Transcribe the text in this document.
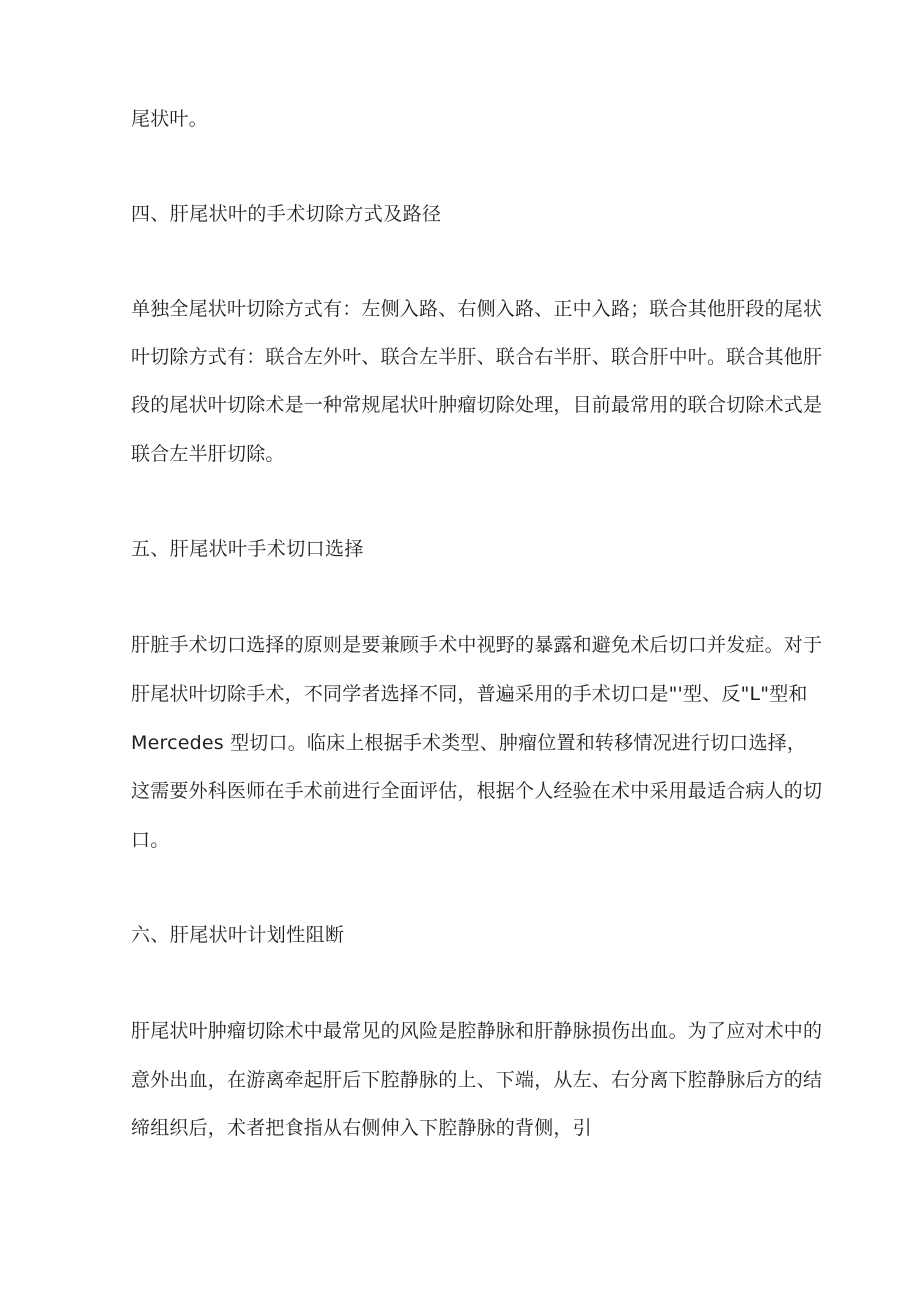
尾状叶。
四、肝尾状叶的手术切除方式及路径
单独全尾状叶切除方式有：左侧入路、右侧入路、正中入路；联合其他肝段的尾状
叶切除方式有：联合左外叶、联合左半肝、联合右半肝、联合肝中叶。联合其他肝
段的尾状叶切除术是一种常规尾状叶肿瘤切除处理，目前最常用的联合切除术式是
联合左半肝切除。
五、肝尾状叶手术切口选择
肝脏手术切口选择的原则是要兼顾手术中视野的暴露和避免术后切口并发症。对于
肝尾状叶切除手术，不同学者选择不同，普遍采用的手术切口是"'型、反"L"型和
Mercedes 型切口。临床上根据手术类型、肿瘤位置和转移情况进行切口选择，
这需要外科医师在手术前进行全面评估，根据个人经验在术中采用最适合病人的切
口。
六、肝尾状叶计划性阻断
肝尾状叶肿瘤切除术中最常见的风险是腔静脉和肝静脉损伤出血。为了应对术中的
意外出血，在游离牵起肝后下腔静脉的上、下端，从左、右分离下腔静脉后方的结
缔组织后，术者把食指从右侧伸入下腔静脉的背侧，引
